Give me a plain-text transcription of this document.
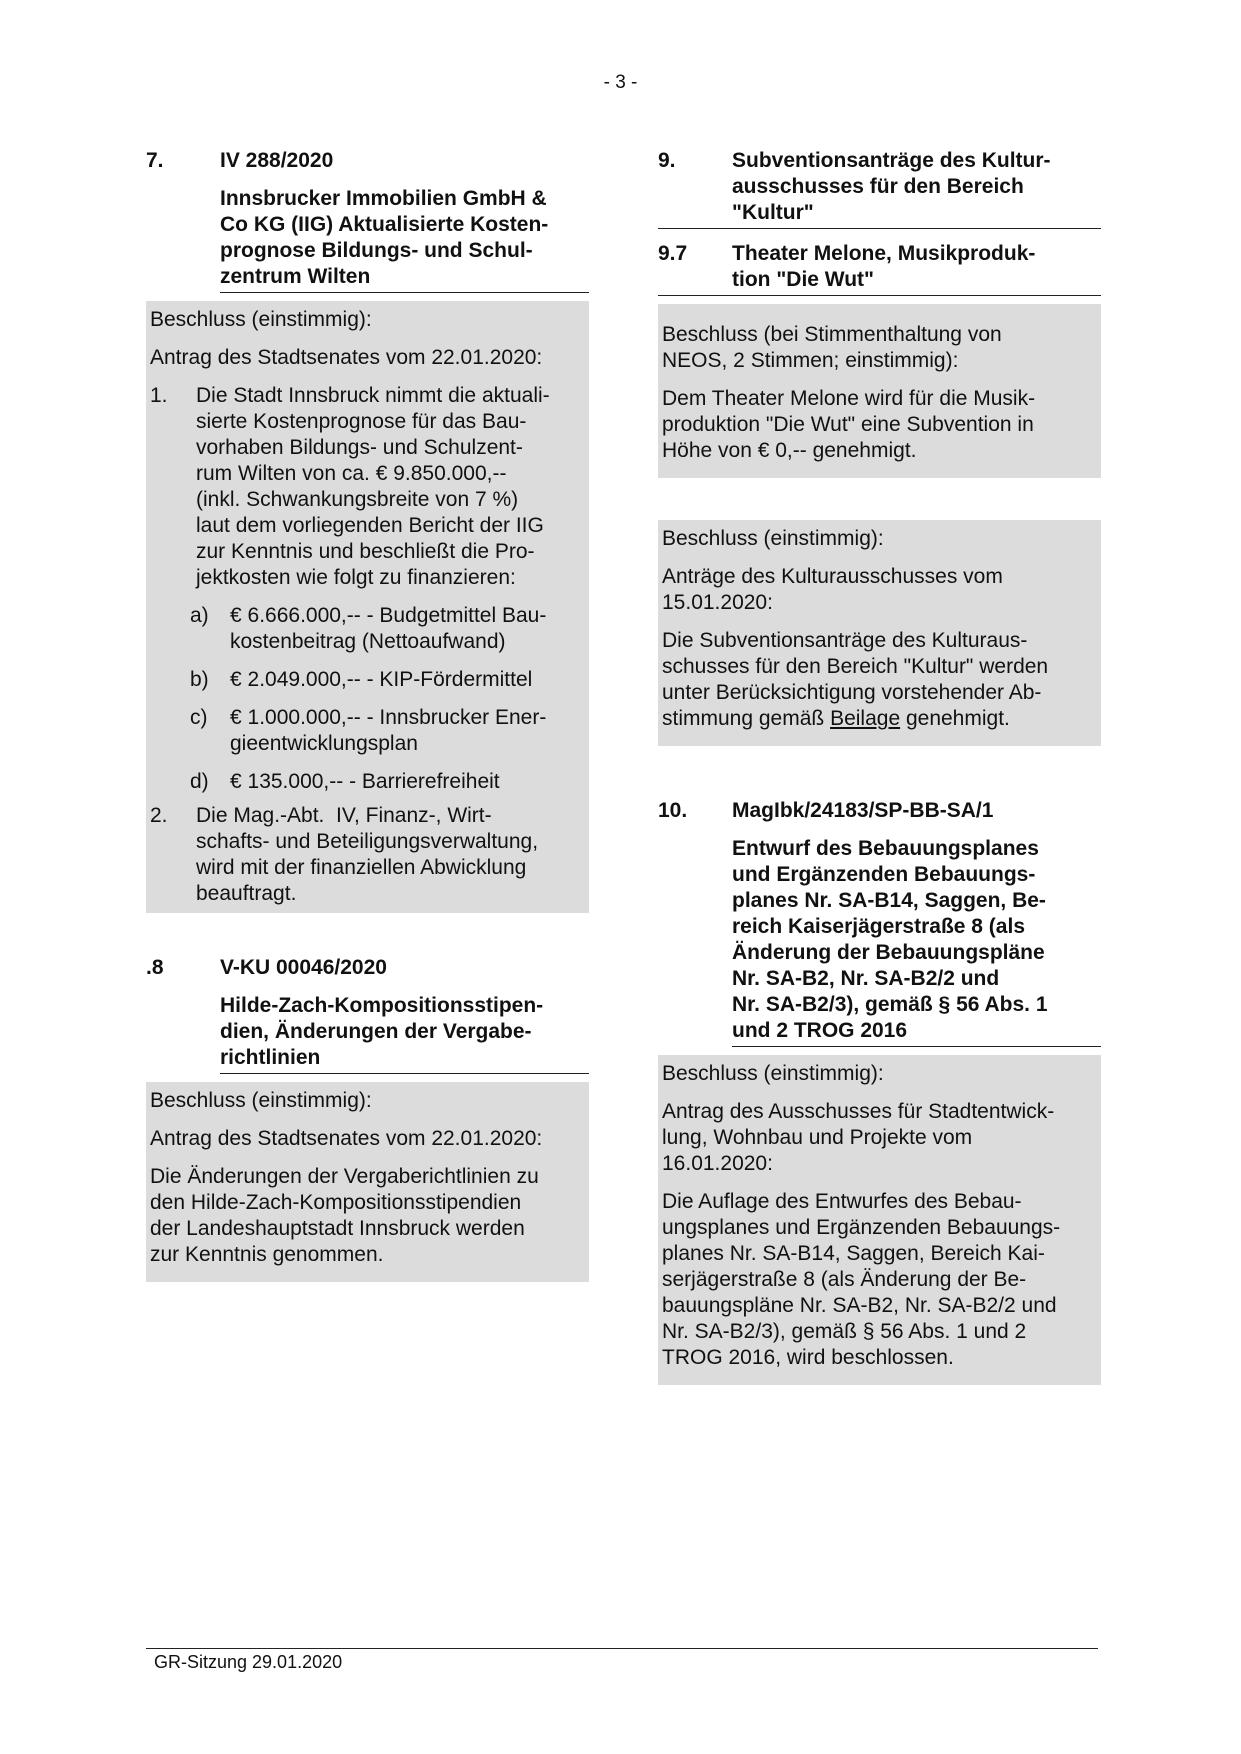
- 3 -
7.	IV 288/2020
Innsbrucker Immobilien GmbH &
Co KG (IIG) Aktualisierte Kosten-
prognose Bildungs- und Schul-
zentrum Wilten

Beschluss (einstimmig):

Antrag des Stadtsenates vom 22.01.2020:

1.	Die Stadt Innsbruck nimmt die aktuali-
sierte Kostenprognose für das Bau-
vorhaben Bildungs- und Schulzent-
rum Wilten von ca. € 9.850.000,--
(inkl. Schwankungsbreite von 7 %)
laut dem vorliegenden Bericht der IIG
zur Kenntnis und beschließt die Pro-
jektkosten wie folgt zu finanzieren:
a)	€ 6.666.000,-- - Budgetmittel Bau-
kostenbeitrag (Nettoaufwand)
b)	€ 2.049.000,-- - KIP-Fördermittel
c)	€ 1.000.000,-- - Innsbrucker Ener-
gieentwicklungsplan
d)	€ 135.000,-- - Barrierefreiheit
2.	Die Mag.-Abt.  IV, Finanz-, Wirt-
schafts- und Beteiligungsverwaltung,
wird mit der finanziellen Abwicklung
beauftragt.
.8	V-KU 00046/2020
Hilde-Zach-Kompositionsstipen-
dien, Änderungen der Vergabe-
richtlinien

Beschluss (einstimmig):

Antrag des Stadtsenates vom 22.01.2020:

Die Änderungen der Vergaberichtlinien zu
den Hilde-Zach-Kompositionsstipendien
der Landeshauptstadt Innsbruck werden
zur Kenntnis genommen.

9.	Subventionsanträge des Kultur-
ausschusses für den Bereich
"Kultur"
9.7	Theater Melone, Musikproduk-
tion "Die Wut"

Beschluss (bei Stimmenthaltung von
NEOS, 2 Stimmen; einstimmig):

Dem Theater Melone wird für die Musik-
produktion "Die Wut" eine Subvention in
Höhe von € 0,-- genehmigt.

Beschluss (einstimmig):

Anträge des Kulturausschusses vom
15.01.2020:

Die Subventionsanträge des Kulturaus-
schusses für den Bereich "Kultur" werden
unter Berücksichtigung vorstehender Ab-
stimmung gemäß Beilage genehmigt.

10.	MagIbk/24183/SP-BB-SA/1
Entwurf des Bebauungsplanes
und Ergänzenden Bebauungs-
planes Nr. SA-B14, Saggen, Be-
reich Kaiserjägerstraße 8 (als
Änderung der Bebauungspläne
Nr. SA-B2, Nr. SA-B2/2 und
Nr. SA-B2/3), gemäß § 56 Abs. 1
und 2 TROG 2016

Beschluss (einstimmig):

Antrag des Ausschusses für Stadtentwick-
lung, Wohnbau und Projekte vom
16.01.2020:

Die Auflage des Entwurfes des Bebau-
ungsplanes und Ergänzenden Bebauungs-
planes Nr. SA-B14, Saggen, Bereich Kai-
serjägerstraße 8 (als Änderung der Be-
bauungspläne Nr. SA-B2, Nr. SA-B2/2 und
Nr. SA-B2/3), gemäß § 56 Abs. 1 und 2
TROG 2016, wird beschlossen.

GR-Sitzung 29.01.2020
